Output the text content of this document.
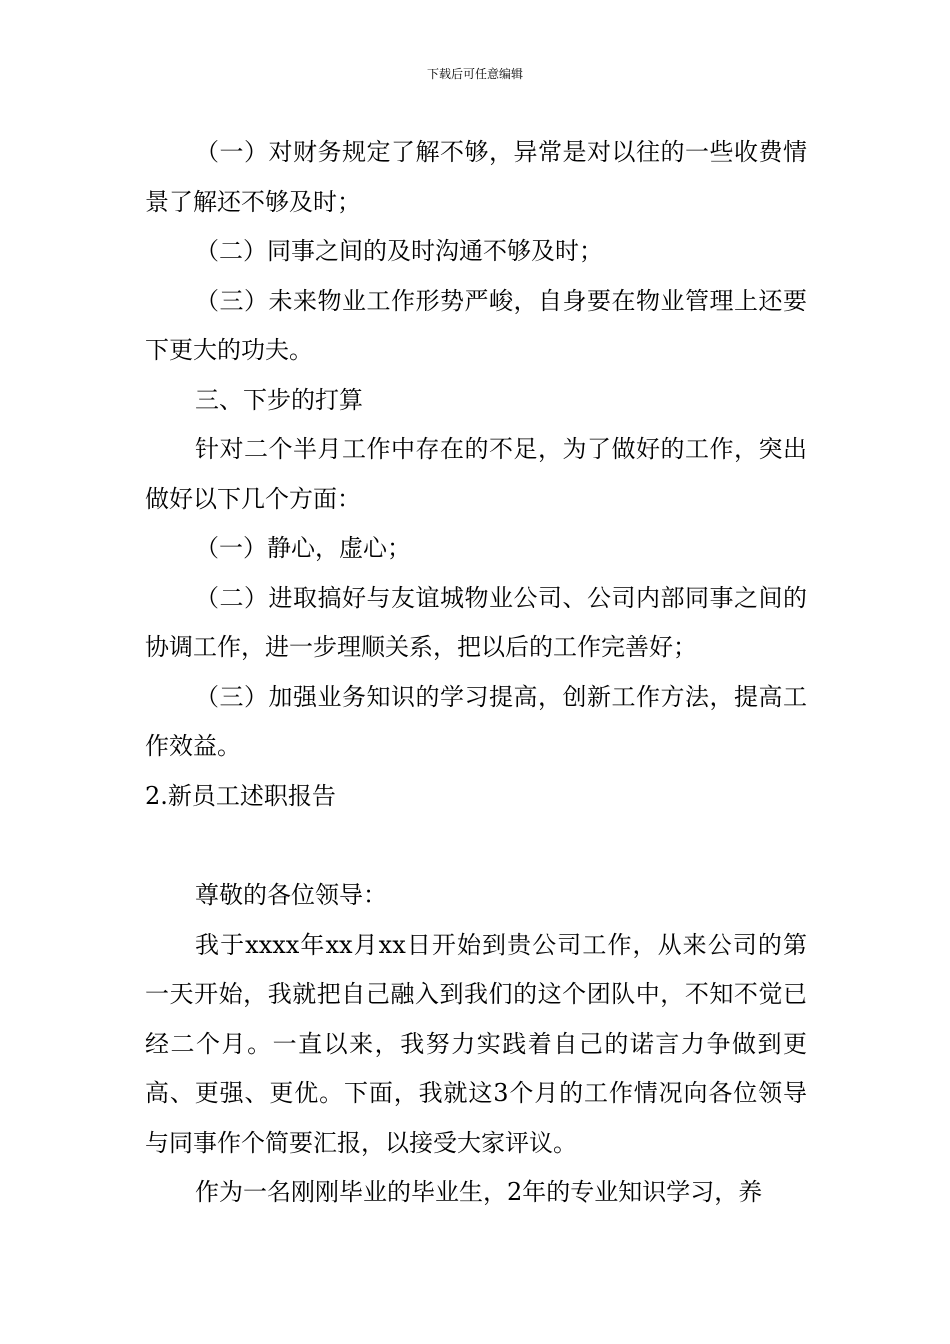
下载后可任意编辑

（一）对财务规定了解不够，异常是对以往的一些收费情景了解还不够及时；

（二）同事之间的及时沟通不够及时；

（三）未来物业工作形势严峻，自身要在物业管理上还要下更大的功夫。

三、下步的打算

针对二个半月工作中存在的不足，为了做好的工作，突出做好以下几个方面：

（一）静心，虚心；

（二）进取搞好与友谊城物业公司、公司内部同事之间的协调工作，进一步理顺关系，把以后的工作完善好；

（三）加强业务知识的学习提高，创新工作方法，提高工作效益。

2.新员工述职报告

尊敬的各位领导：

我于xxxx年xx月xx日开始到贵公司工作，从来公司的第一天开始，我就把自己融入到我们的这个团队中，不知不觉已经二个月。一直以来，我努力实践着自己的诺言力争做到更高、更强、更优。下面，我就这3个月的工作情况向各位领导与同事作个简要汇报，以接受大家评议。

作为一名刚刚毕业的毕业生，2年的专业知识学习，养
